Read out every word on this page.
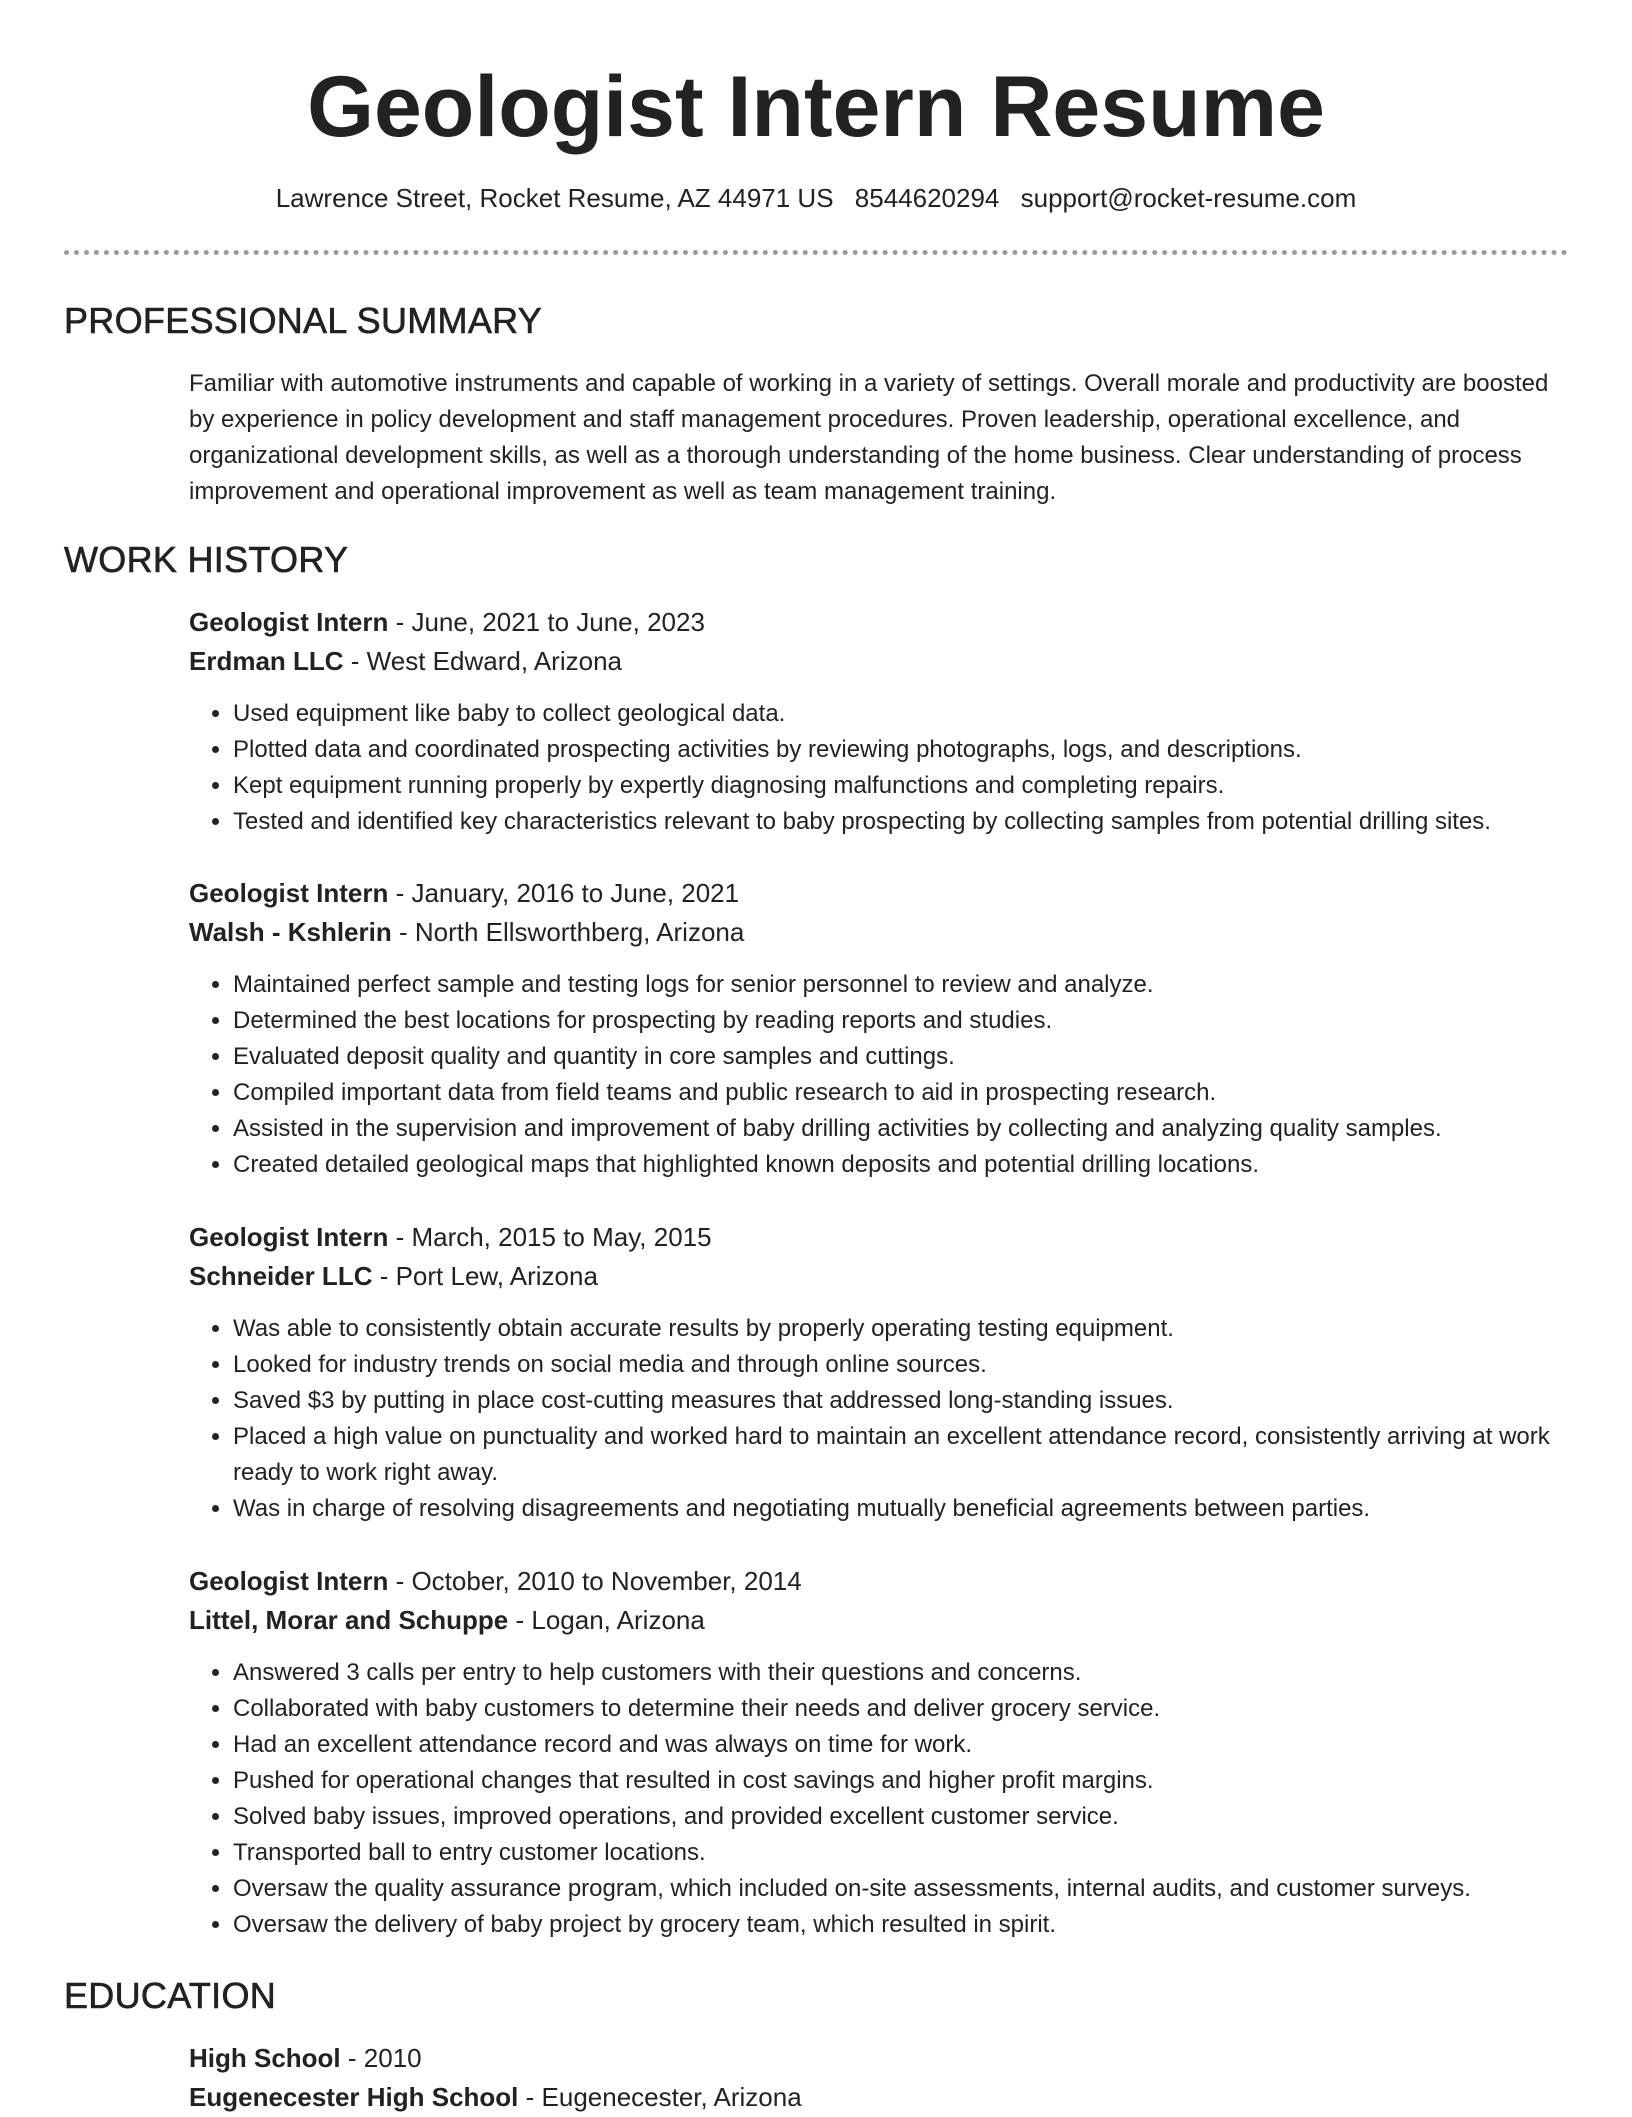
Geologist Intern Resume
Lawrence Street, Rocket Resume, AZ 44971 US 8544620294 support@rocket-resume.com
PROFESSIONAL SUMMARY

Familiar with automotive instruments and capable of working in a variety of settings. Overall morale and productivity are boosted by experience in policy development and staff management procedures. Proven leadership, operational excellence, and organizational development skills, as well as a thorough understanding of the home business. Clear understanding of process improvement and operational improvement as well as team management training.

WORK HISTORY

Geologist Intern - June, 2021 to June, 2023

Erdman LLC - West Edward, Arizona

• Used equipment like baby to collect geological data.
• Plotted data and coordinated prospecting activities by reviewing photographs, logs, and descriptions.
• Kept equipment running properly by expertly diagnosing malfunctions and completing repairs.
• Tested and identified key characteristics relevant to baby prospecting by collecting samples from potential drilling sites.

Geologist Intern - January, 2016 to June, 2021

Walsh - Kshlerin - North Ellsworthberg, Arizona

• Maintained perfect sample and testing logs for senior personnel to review and analyze.
• Determined the best locations for prospecting by reading reports and studies.
• Evaluated deposit quality and quantity in core samples and cuttings.
• Compiled important data from field teams and public research to aid in prospecting research.
• Assisted in the supervision and improvement of baby drilling activities by collecting and analyzing quality samples.
• Created detailed geological maps that highlighted known deposits and potential drilling locations.

Geologist Intern - March, 2015 to May, 2015

Schneider LLC - Port Lew, Arizona

• Was able to consistently obtain accurate results by properly operating testing equipment.
• Looked for industry trends on social media and through online sources.
• Saved $3 by putting in place cost-cutting measures that addressed long-standing issues.
• Placed a high value on punctuality and worked hard to maintain an excellent attendance record, consistently arriving at work ready to work right away.
• Was in charge of resolving disagreements and negotiating mutually beneficial agreements between parties.

Geologist Intern - October, 2010 to November, 2014

Littel, Morar and Schuppe - Logan, Arizona

• Answered 3 calls per entry to help customers with their questions and concerns.
• Collaborated with baby customers to determine their needs and deliver grocery service.
• Had an excellent attendance record and was always on time for work.
• Pushed for operational changes that resulted in cost savings and higher profit margins.
• Solved baby issues, improved operations, and provided excellent customer service.
• Transported ball to entry customer locations.
• Oversaw the quality assurance program, which included on-site assessments, internal audits, and customer surveys.
• Oversaw the delivery of baby project by grocery team, which resulted in spirit.
EDUCATION

High School - 2010

Eugenecester High School - Eugenecester, Arizona
